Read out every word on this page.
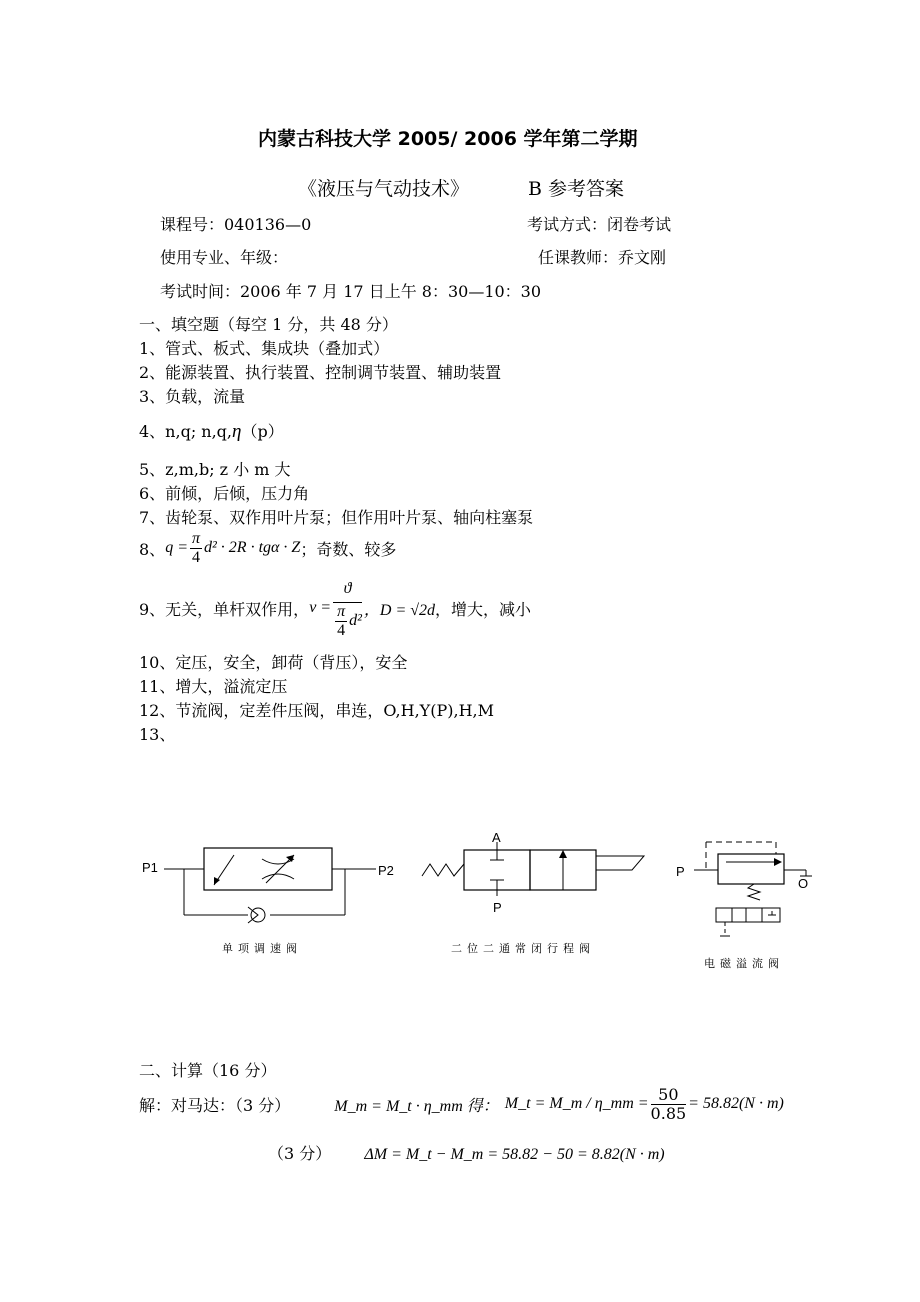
内蒙古科技大学 2005/ 2006 学年第二学期
《液压与气动技术》	B 参考答案
课程号：040136—0	考试方式：闭卷考试
使用专业、年级：	任课教师：乔文刚
考试时间：2006 年 7 月 17 日上午 8：30—10：30
一、填空题（每空 1 分，共 48 分）
1、管式、板式、集成块（叠加式）
2、能源装置、执行装置、控制调节装置、辅助装置
3、负载，流量
4、n,q; n,q,η（p）
5、z,m,b; z 小 m 大
6、前倾，后倾，压力角
7、齿轮泵、双作用叶片泵；但作用叶片泵、轴向柱塞泵
8、 $q = \frac{\pi}{4} d^2 \cdot 2R \cdot tg\alpha \cdot Z$ ；奇数、较多
9、无关，单杆双作用， $v = \frac{ϑ}{\frac{\pi}{4} d^2}$ ，D = √2d ，增大，减小
10、定压，安全，卸荷（背压），安全
11、增大，溢流定压
12、节流阀，定差件压阀，串连，O,H,Y(P),H,M
13、
P1	P2
单项调速阀
A
P
二位二通常闭行程阀
P
O
电磁溢流阀
二、计算（16 分）
解：对马达：（3 分）	M_m = M_t · η_mm 得： M_t = M_m / η_mm = $\frac{50}{0.85} = 58.82(N \cdot m)$
（3 分） ΔM = M_t − M_m = 58.82 − 50 = 8.82(N · m)
